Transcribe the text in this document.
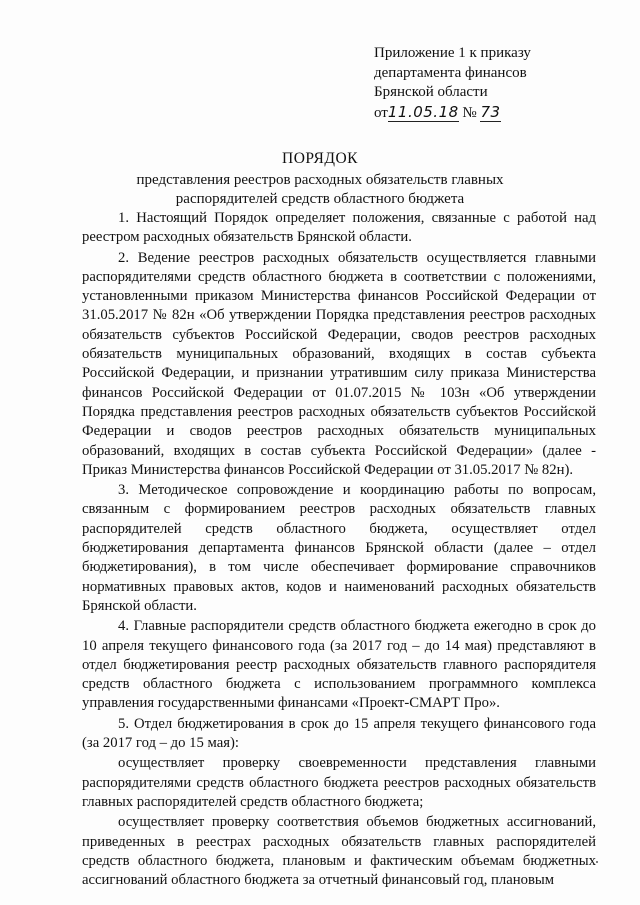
Приложение 1 к приказу
департамента финансов
Брянской области
от11.05.18 № 73
ПОРЯДОК
представления реестров расходных обязательств главных распорядителей средств областного бюджета

1. Настоящий Порядок определяет положения, связанные с работой над реестром расходных обязательств Брянской области.

2. Ведение реестров расходных обязательств осуществляется главными распорядителями средств областного бюджета в соответствии с положениями, установленными приказом Министерства финансов Российской Федерации от 31.05.2017 № 82н «Об утверждении Порядка представления реестров расходных обязательств субъектов Российской Федерации, сводов реестров расходных обязательств муниципальных образований, входящих в состав субъекта Российской Федерации, и признании утратившим силу приказа Министерства финансов Российской Федерации от 01.07.2015 № 103н «Об утверждении Порядка представления реестров расходных обязательств субъектов Российской Федерации и сводов реестров расходных обязательств муниципальных образований, входящих в состав субъекта Российской Федерации» (далее - Приказ Министерства финансов Российской Федерации от 31.05.2017 № 82н).

3. Методическое сопровождение и координацию работы по вопросам, связанным с формированием реестров расходных обязательств главных распорядителей средств областного бюджета, осуществляет отдел бюджетирования департамента финансов Брянской области (далее – отдел бюджетирования), в том числе обеспечивает формирование справочников нормативных правовых актов, кодов и наименований расходных обязательств Брянской области.

4. Главные распорядители средств областного бюджета ежегодно в срок до 10 апреля текущего финансового года (за 2017 год – до 14 мая) представляют в отдел бюджетирования реестр расходных обязательств главного распорядителя средств областного бюджета с использованием программного комплекса управления государственными финансами «Проект-СМАРТ Про».

5. Отдел бюджетирования в срок до 15 апреля текущего финансового года (за 2017 год – до 15 мая):

осуществляет проверку своевременности представления главными распорядителями средств областного бюджета реестров расходных обязательств главных распорядителей средств областного бюджета;

осуществляет проверку соответствия объемов бюджетных ассигнований, приведенных в реестрах расходных обязательств главных распорядителей средств областного бюджета, плановым и фактическим объемам бюджетных ассигнований областного бюджета за отчетный финансовый год, плановым
